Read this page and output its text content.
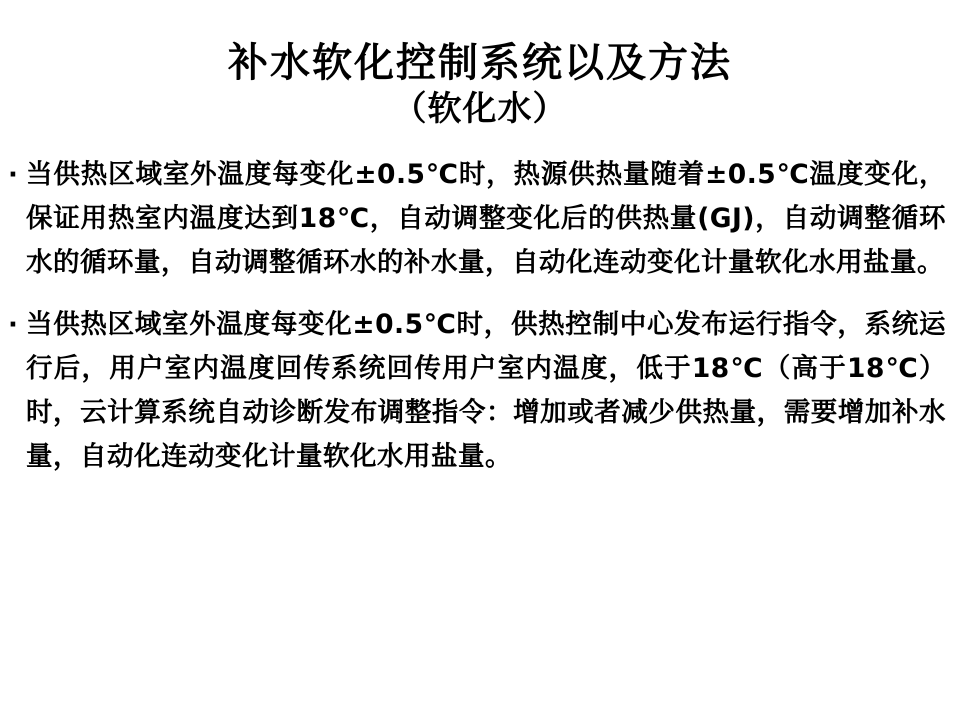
补水软化控制系统以及方法
（软化水）
· 当供热区域室外温度每变化±0.5℃时，热源供热量随着±0.5℃温度变化，保证用热室内温度达到18℃，自动调整变化后的供热量(GJ)，自动调整循环水的循环量，自动调整循环水的补水量，自动化连动变化计量软化水用盐量。
· 当供热区域室外温度每变化±0.5℃时，供热控制中心发布运行指令，系统运行后，用户室内温度回传系统回传用户室内温度，低于18℃（高于18℃）时，云计算系统自动诊断发布调整指令：增加或者减少供热量，需要增加补水量，自动化连动变化计量软化水用盐量。
